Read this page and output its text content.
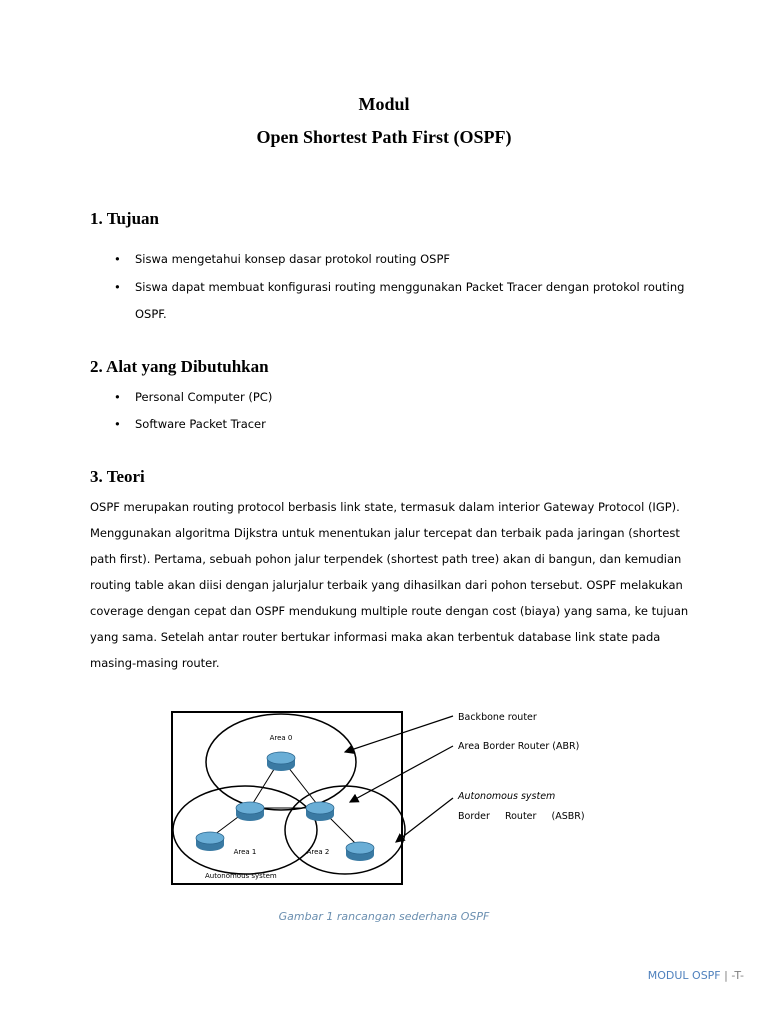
Modul
Open Shortest Path First (OSPF)
1. Tujuan
• Siswa mengetahui konsep dasar protokol routing OSPF
• Siswa dapat membuat konfigurasi routing menggunakan Packet Tracer dengan protokol routing
OSPF.
2. Alat yang Dibutuhkan
• Personal Computer (PC)
• Software Packet Tracer
3. Teori
OSPF merupakan routing protocol berbasis link state, termasuk dalam interior Gateway Protocol (IGP).
Menggunakan algoritma Dijkstra untuk menentukan jalur tercepat dan terbaik pada jaringan (shortest
path first). Pertama, sebuah pohon jalur terpendek (shortest path tree) akan di bangun, dan kemudian
routing table akan diisi dengan jalurjalur terbaik yang dihasilkan dari pohon tersebut. OSPF melakukan
coverage dengan cepat dan OSPF mendukung multiple route dengan cost (biaya) yang sama, ke tujuan
yang sama. Setelah antar router bertukar informasi maka akan terbentuk database link state pada
masing-masing router.
Area 0
Area 1	Area 2
Autonomous system
Backbone router
Area Border Router (ABR)
Autonomous system
Border     Router     (ASBR)
Gambar 1 rancangan sederhana OSPF
MODUL OSPF | -T-
